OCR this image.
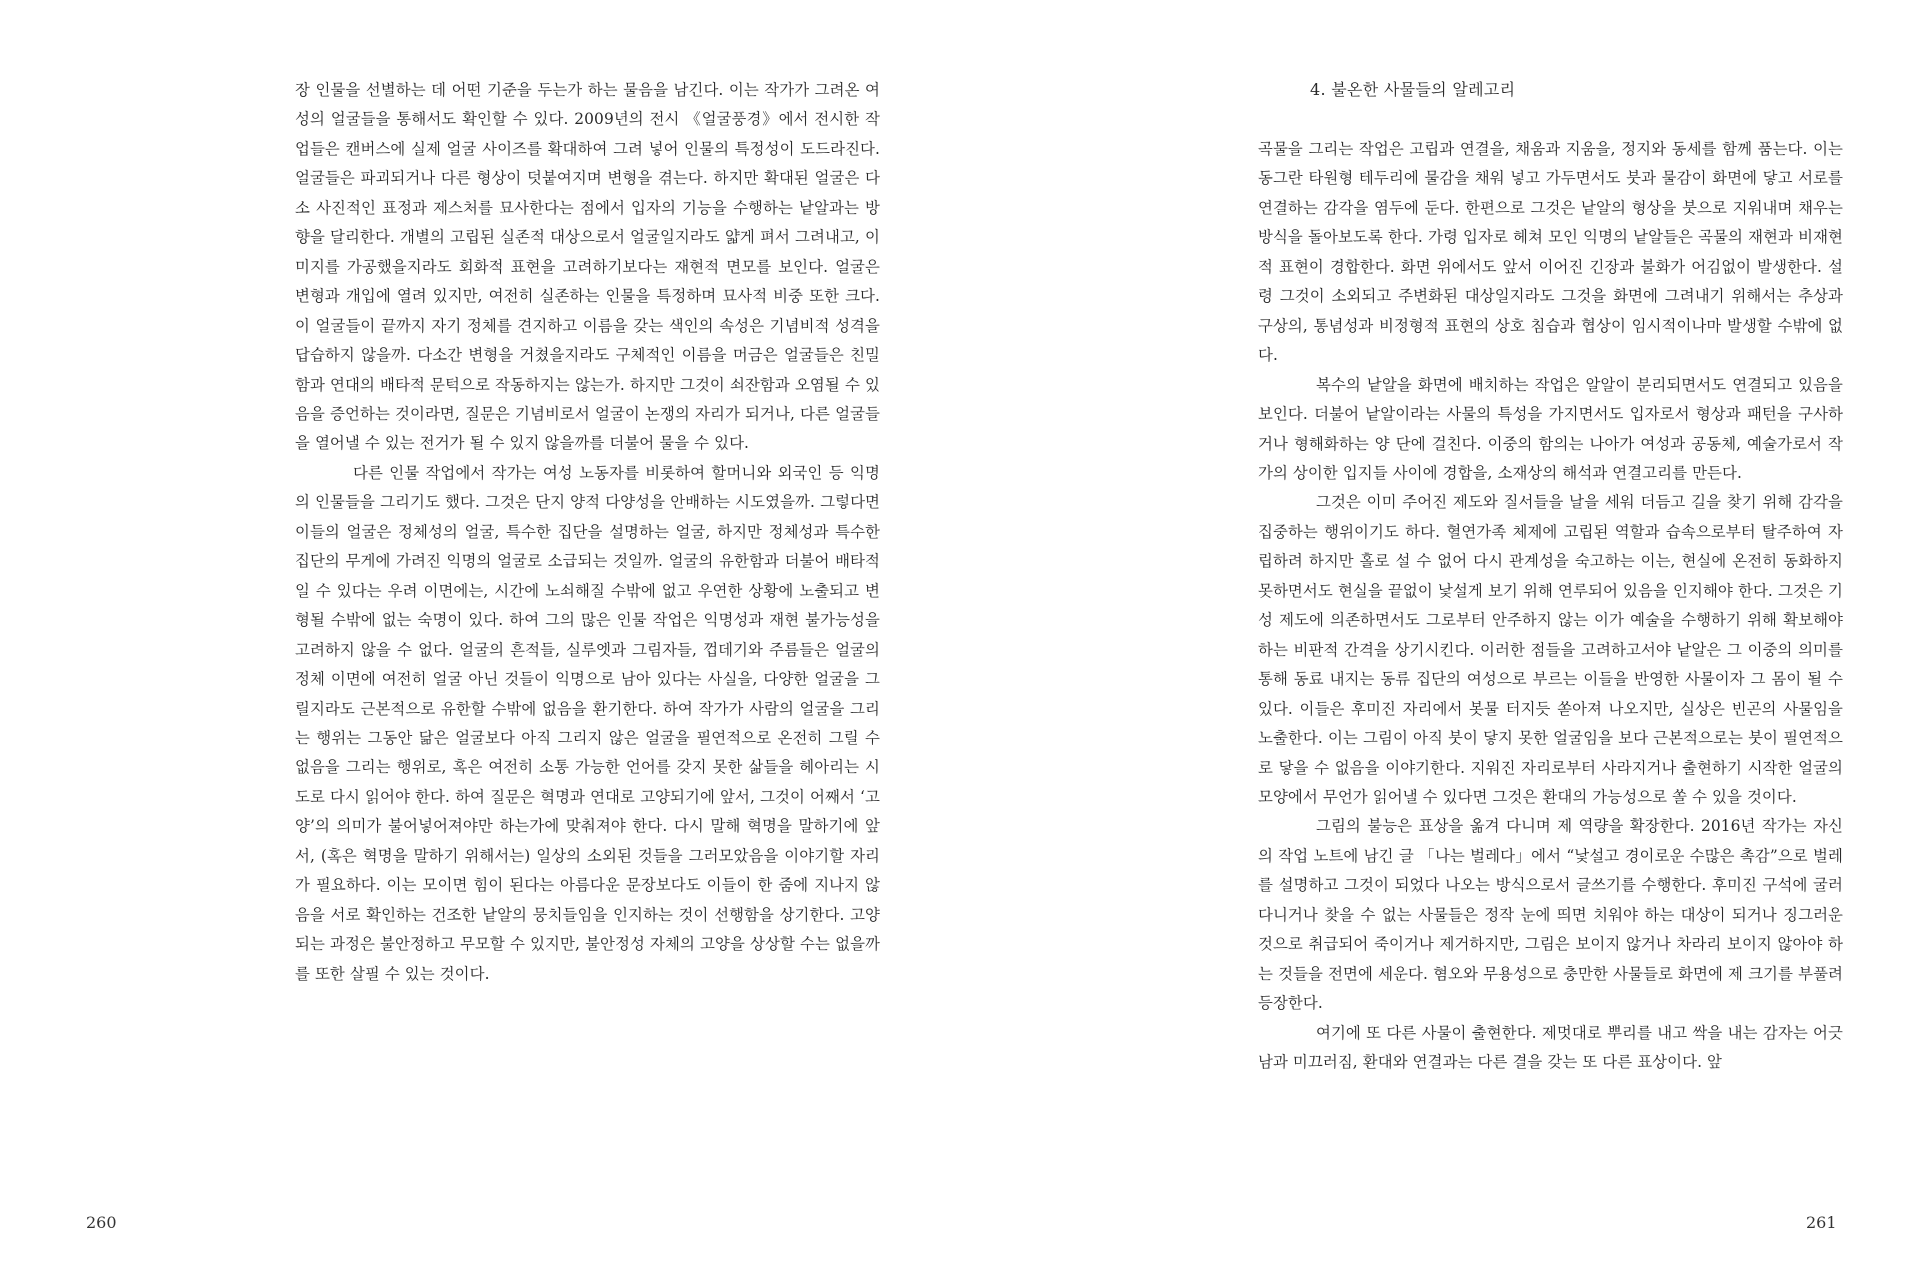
장 인물을 선별하는 데 어떤 기준을 두는가 하는 물음을 남긴다. 이는 작가가 그려온 여성의 얼굴들을 통해서도 확인할 수 있다. 2009년의 전시 《얼굴풍경》에서 전시한 작업들은 캔버스에 실제 얼굴 사이즈를 확대하여 그려 넣어 인물의 특정성이 도드라진다. 얼굴들은 파괴되거나 다른 형상이 덧붙여지며 변형을 겪는다. 하지만 확대된 얼굴은 다소 사진적인 표정과 제스처를 묘사한다는 점에서 입자의 기능을 수행하는 낱알과는 방향을 달리한다. 개별의 고립된 실존적 대상으로서 얼굴일지라도 얇게 펴서 그려내고, 이미지를 가공했을지라도 회화적 표현을 고려하기보다는 재현적 면모를 보인다. 얼굴은 변형과 개입에 열려 있지만, 여전히 실존하는 인물을 특정하며 묘사적 비중 또한 크다. 이 얼굴들이 끝까지 자기 정체를 견지하고 이름을 갖는 색인의 속성은 기념비적 성격을 답습하지 않을까. 다소간 변형을 거쳤을지라도 구체적인 이름을 머금은 얼굴들은 친밀함과 연대의 배타적 문턱으로 작동하지는 않는가. 하지만 그것이 쇠잔함과 오염될 수 있음을 증언하는 것이라면, 질문은 기념비로서 얼굴이 논쟁의 자리가 되거나, 다른 얼굴들을 열어낼 수 있는 전거가 될 수 있지 않을까를 더불어 물을 수 있다.

다른 인물 작업에서 작가는 여성 노동자를 비롯하여 할머니와 외국인 등 익명의 인물들을 그리기도 했다. 그것은 단지 양적 다양성을 안배하는 시도였을까. 그렇다면 이들의 얼굴은 정체성의 얼굴, 특수한 집단을 설명하는 얼굴, 하지만 정체성과 특수한 집단의 무게에 가려진 익명의 얼굴로 소급되는 것일까. 얼굴의 유한함과 더불어 배타적일 수 있다는 우려 이면에는, 시간에 노쇠해질 수밖에 없고 우연한 상황에 노출되고 변형될 수밖에 없는 숙명이 있다. 하여 그의 많은 인물 작업은 익명성과 재현 불가능성을 고려하지 않을 수 없다. 얼굴의 흔적들, 실루엣과 그림자들, 껍데기와 주름들은 얼굴의 정체 이면에 여전히 얼굴 아닌 것들이 익명으로 남아 있다는 사실을, 다양한 얼굴을 그릴지라도 근본적으로 유한할 수밖에 없음을 환기한다. 하여 작가가 사람의 얼굴을 그리는 행위는 그동안 닮은 얼굴보다 아직 그리지 않은 얼굴을 필연적으로 온전히 그릴 수 없음을 그리는 행위로, 혹은 여전히 소통 가능한 언어를 갖지 못한 삶들을 헤아리는 시도로 다시 읽어야 한다. 하여 질문은 혁명과 연대로 고양되기에 앞서, 그것이 어째서 ‘고양’의 의미가 불어넣어져야만 하는가에 맞춰져야 한다. 다시 말해 혁명을 말하기에 앞서, (혹은 혁명을 말하기 위해서는) 일상의 소외된 것들을 그러모았음을 이야기할 자리가 필요하다. 이는 모이면 힘이 된다는 아름다운 문장보다도 이들이 한 줌에 지나지 않음을 서로 확인하는 건조한 낱알의 뭉치들임을 인지하는 것이 선행함을 상기한다. 고양되는 과정은 불안정하고 무모할 수 있지만, 불안정성 자체의 고양을 상상할 수는 없을까를 또한 살필 수 있는 것이다.

260
4. 불온한 사물들의 알레고리

곡물을 그리는 작업은 고립과 연결을, 채움과 지움을, 정지와 동세를 함께 품는다. 이는 동그란 타원형 테두리에 물감을 채워 넣고 가두면서도 붓과 물감이 화면에 닿고 서로를 연결하는 감각을 염두에 둔다. 한편으로 그것은 낱알의 형상을 붓으로 지워내며 채우는 방식을 돌아보도록 한다. 가령 입자로 헤쳐 모인 익명의 낱알들은 곡물의 재현과 비재현적 표현이 경합한다. 화면 위에서도 앞서 이어진 긴장과 불화가 어김없이 발생한다. 설령 그것이 소외되고 주변화된 대상일지라도 그것을 화면에 그려내기 위해서는 추상과 구상의, 통념성과 비정형적 표현의 상호 침습과 협상이 임시적이나마 발생할 수밖에 없다.

복수의 낱알을 화면에 배치하는 작업은 알알이 분리되면서도 연결되고 있음을 보인다. 더불어 낱알이라는 사물의 특성을 가지면서도 입자로서 형상과 패턴을 구사하거나 형해화하는 양 단에 걸친다. 이중의 함의는 나아가 여성과 공동체, 예술가로서 작가의 상이한 입지들 사이에 경합을, 소재상의 해석과 연결고리를 만든다.

그것은 이미 주어진 제도와 질서들을 날을 세워 더듬고 길을 찾기 위해 감각을 집중하는 행위이기도 하다. 혈연가족 체제에 고립된 역할과 습속으로부터 탈주하여 자립하려 하지만 홀로 설 수 없어 다시 관계성을 숙고하는 이는, 현실에 온전히 동화하지 못하면서도 현실을 끝없이 낯설게 보기 위해 연루되어 있음을 인지해야 한다. 그것은 기성 제도에 의존하면서도 그로부터 안주하지 않는 이가 예술을 수행하기 위해 확보해야 하는 비판적 간격을 상기시킨다. 이러한 점들을 고려하고서야 낱알은 그 이중의 의미를 통해 동료 내지는 동류 집단의 여성으로 부르는 이들을 반영한 사물이자 그 몸이 될 수 있다. 이들은 후미진 자리에서 봇물 터지듯 쏟아져 나오지만, 실상은 빈곤의 사물임을 노출한다. 이는 그림이 아직 붓이 닿지 못한 얼굴임을 보다 근본적으로는 붓이 필연적으로 닿을 수 없음을 이야기한다. 지워진 자리로부터 사라지거나 출현하기 시작한 얼굴의 모양에서 무언가 읽어낼 수 있다면 그것은 환대의 가능성으로 쏠 수 있을 것이다.

그림의 불능은 표상을 옮겨 다니며 제 역량을 확장한다. 2016년 작가는 자신의 작업 노트에 남긴 글 「나는 벌레다」에서 “낯설고 경이로운 수많은 촉감”으로 벌레를 설명하고 그것이 되었다 나오는 방식으로서 글쓰기를 수행한다. 후미진 구석에 굴러다니거나 찾을 수 없는 사물들은 정작 눈에 띄면 치워야 하는 대상이 되거나 징그러운 것으로 취급되어 죽이거나 제거하지만, 그림은 보이지 않거나 차라리 보이지 않아야 하는 것들을 전면에 세운다. 혐오와 무용성으로 충만한 사물들로 화면에 제 크기를 부풀려 등장한다.

여기에 또 다른 사물이 출현한다. 제멋대로 뿌리를 내고 싹을 내는 감자는 어긋남과 미끄러짐, 환대와 연결과는 다른 결을 갖는 또 다른 표상이다. 앞

261
